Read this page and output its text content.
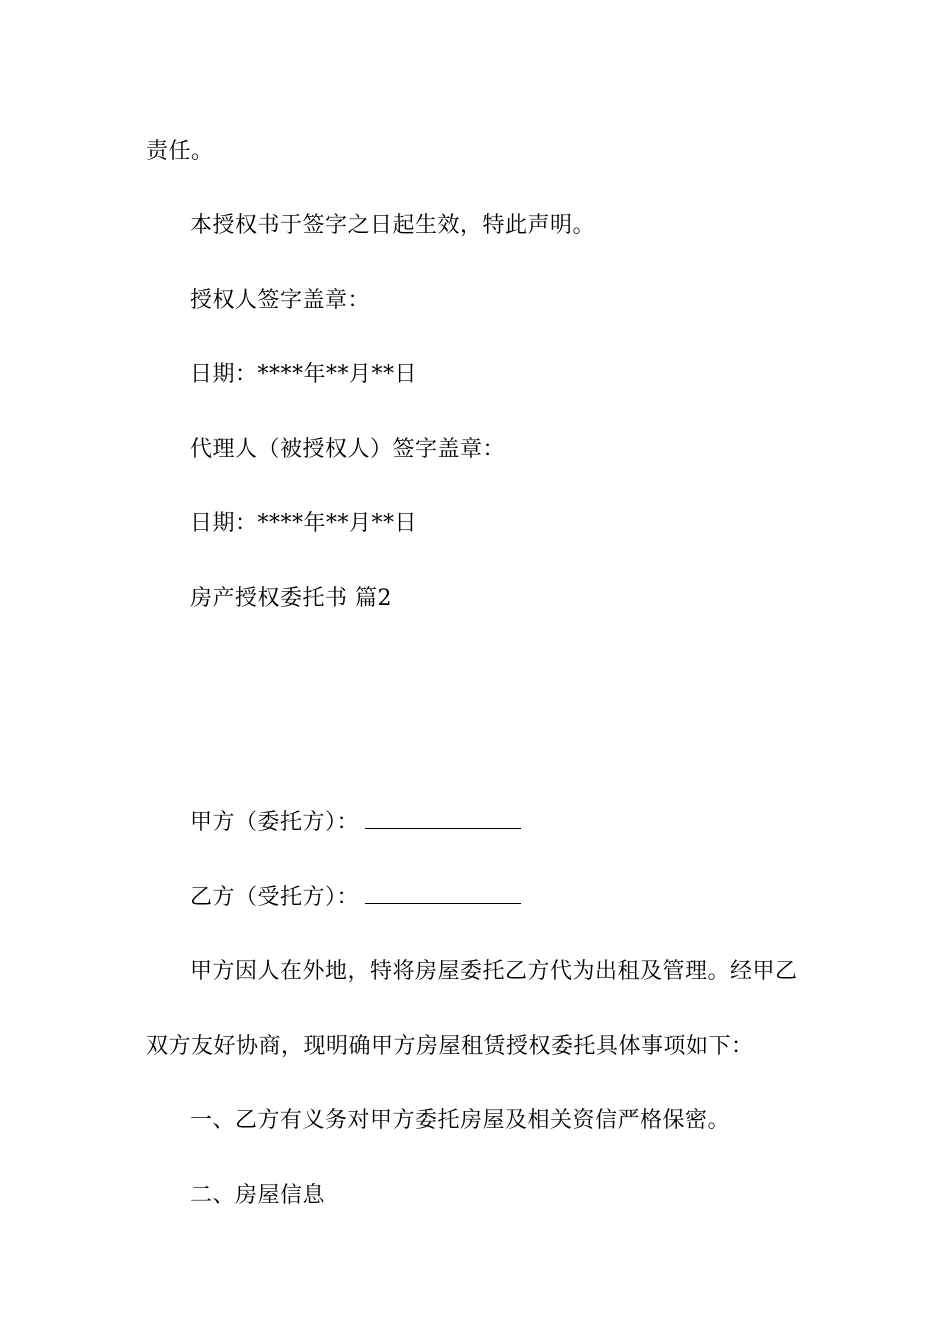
责任。
本授权书于签字之日起生效，特此声明。
授权人签字盖章：
日期：****年**月**日
代理人（被授权人）签字盖章：
日期：****年**月**日
房产授权委托书 篇2
甲方（委托方）：
乙方（受托方）：
甲方因人在外地，特将房屋委托乙方代为出租及管理。经甲乙
双方友好协商，现明确甲方房屋租赁授权委托具体事项如下：
一、乙方有义务对甲方委托房屋及相关资信严格保密。
二、房屋信息
